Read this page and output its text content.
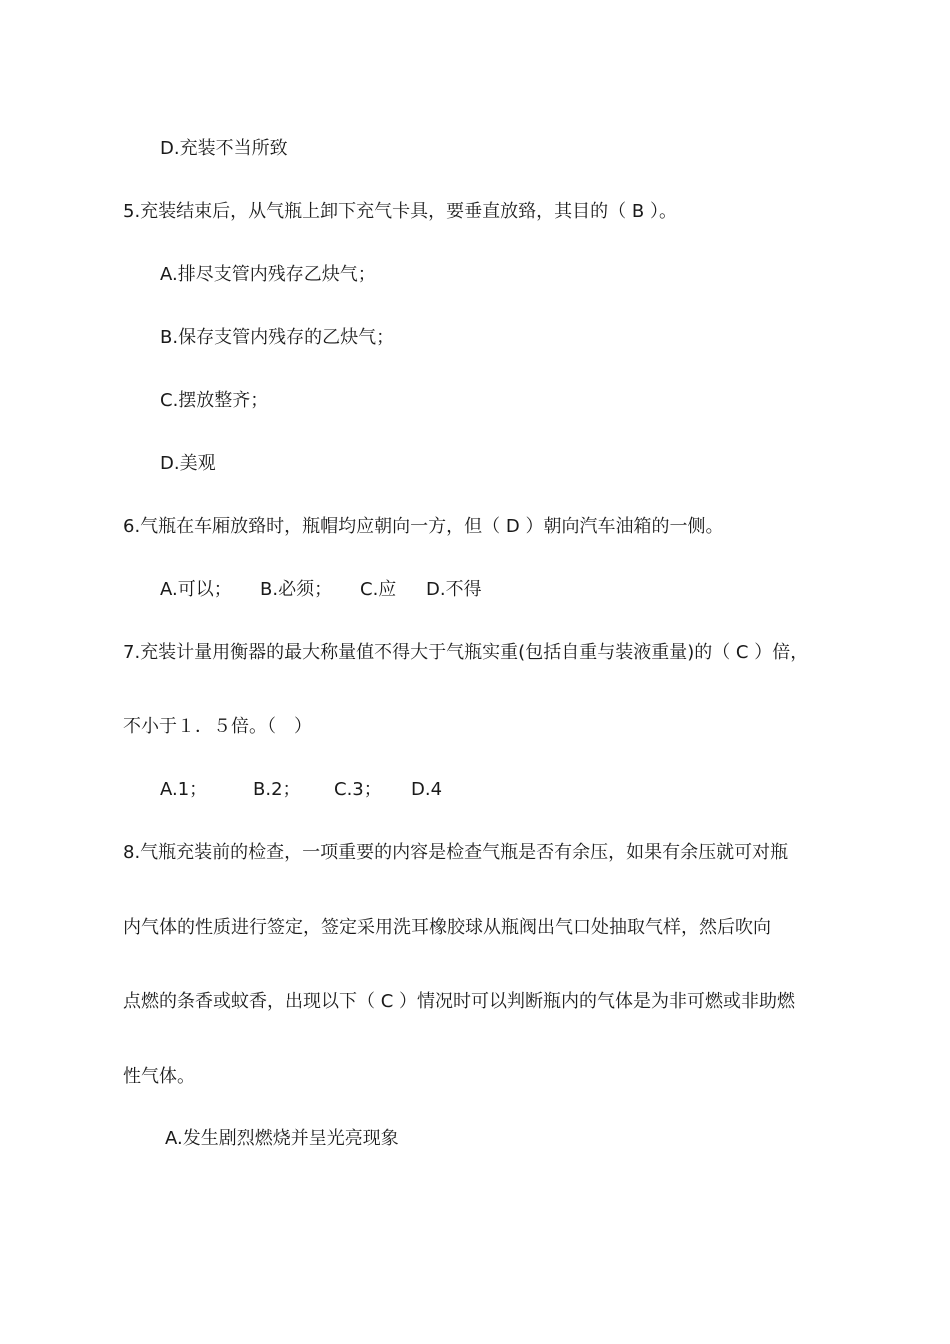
D.充装不当所致
5.充装结束后，从气瓶上卸下充气卡具，要垂直放臵，其目的（ B ）。
A.排尽支管内残存乙炔气；
B.保存支管内残存的乙炔气；
C.摆放整齐；
D.美观
6.气瓶在车厢放臵时，瓶帽均应朝向一方，但（ D ）朝向汽车油箱的一侧。
A.可以； B.必须； C.应 D.不得
7.充装计量用衡器的最大称量值不得大于气瓶实重(包括自重与装液重量)的（ C ）倍，
不小于１．５倍。（　）
A.1；	B.2； C.3； D.4
8.气瓶充装前的检查，一项重要的内容是检查气瓶是否有余压，如果有余压就可对瓶
内气体的性质进行签定，签定采用洗耳橡胶球从瓶阀出气口处抽取气样，然后吹向
点燃的条香或蚊香，出现以下（ C ）情况时可以判断瓶内的气体是为非可燃或非助燃
性气体。
A.发生剧烈燃烧并呈光亮现象
